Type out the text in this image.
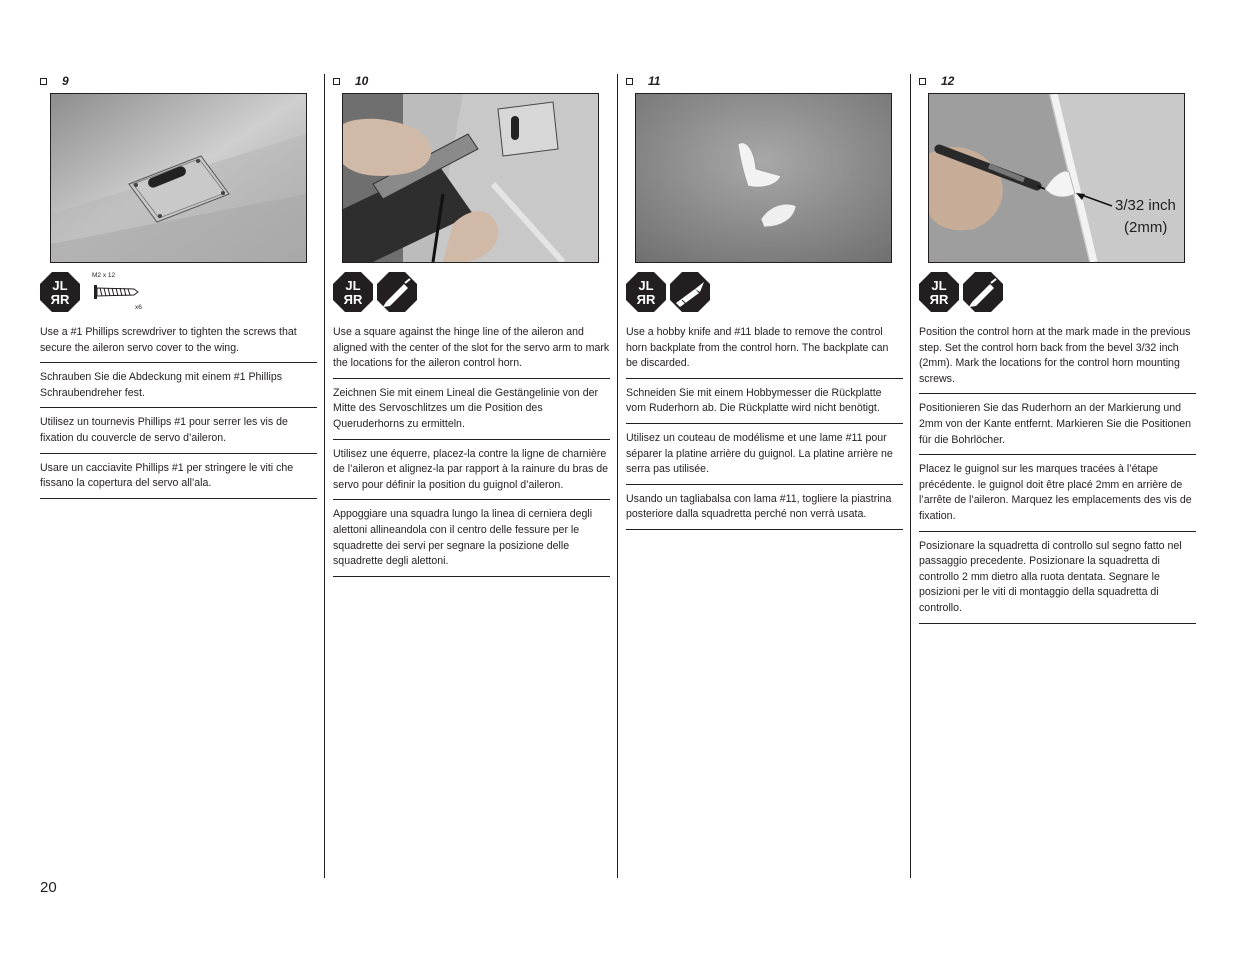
9
JL
ЯR
M2 x 12
x6
Use a #1 Phillips screwdriver to tighten the screws that secure the aileron servo cover to the wing.
Schrauben Sie die Abdeckung mit einem #1 Phillips Schraubendreher fest.
Utilisez un tournevis Phillips #1 pour serrer les vis de fixation du couvercle de servo d’aileron.
Usare un cacciavite Phillips #1 per stringere le viti che fissano la copertura del servo all’ala.
10
JL
ЯR
Use a square against the hinge line of the aileron and aligned with the center of the slot for the servo arm to mark the locations for the aileron control horn.
Zeichnen Sie mit einem Lineal die Gestängelinie von der Mitte des Servoschlitzes um die Position des Queruderhorns zu ermitteln.
Utilisez une équerre, placez-la contre la ligne de charnière de l’aileron et alignez-la par rapport à la rainure du bras de servo pour définir la position du guignol d’aileron.
Appoggiare una squadra lungo la linea di cerniera degli alettoni allineandola con il centro delle fessure per le squadrette dei servi per segnare la posizione delle squadrette degli alettoni.
11
JL
ЯR
Use a hobby knife and #11 blade to remove the control horn backplate from the control horn. The backplate can be discarded.
Schneiden Sie mit einem Hobbymesser die Rückplatte vom Ruderhorn ab. Die Rückplatte wird nicht benötigt.
Utilisez un couteau de modélisme et une lame #11 pour séparer la platine arrière du guignol. La platine arrière ne serra pas utilisée.
Usando un tagliabalsa con lama #11, togliere la piastrina posteriore dalla squadretta perché non verrà usata.
12
3/32 inch
(2mm)
JL
ЯR
Position the control horn at the mark made in the previous step. Set the control horn back from the bevel 3/32 inch (2mm). Mark the locations for the control horn mounting screws.
Positionieren Sie das Ruderhorn an der Markierung und 2mm von der Kante entfernt. Markieren Sie die Positionen für die Bohrlöcher.
Placez le guignol sur les marques tracées à l’étape précédente. le guignol doit être placé 2mm en arrière de l’arrête de l’aileron. Marquez les emplacements des vis de fixation.
Posizionare la squadretta di controllo sul segno fatto nel passaggio precedente. Posizionare la squadretta di controllo 2 mm dietro alla ruota dentata. Segnare le posizioni per le viti di montaggio della squadretta di controllo.
20
